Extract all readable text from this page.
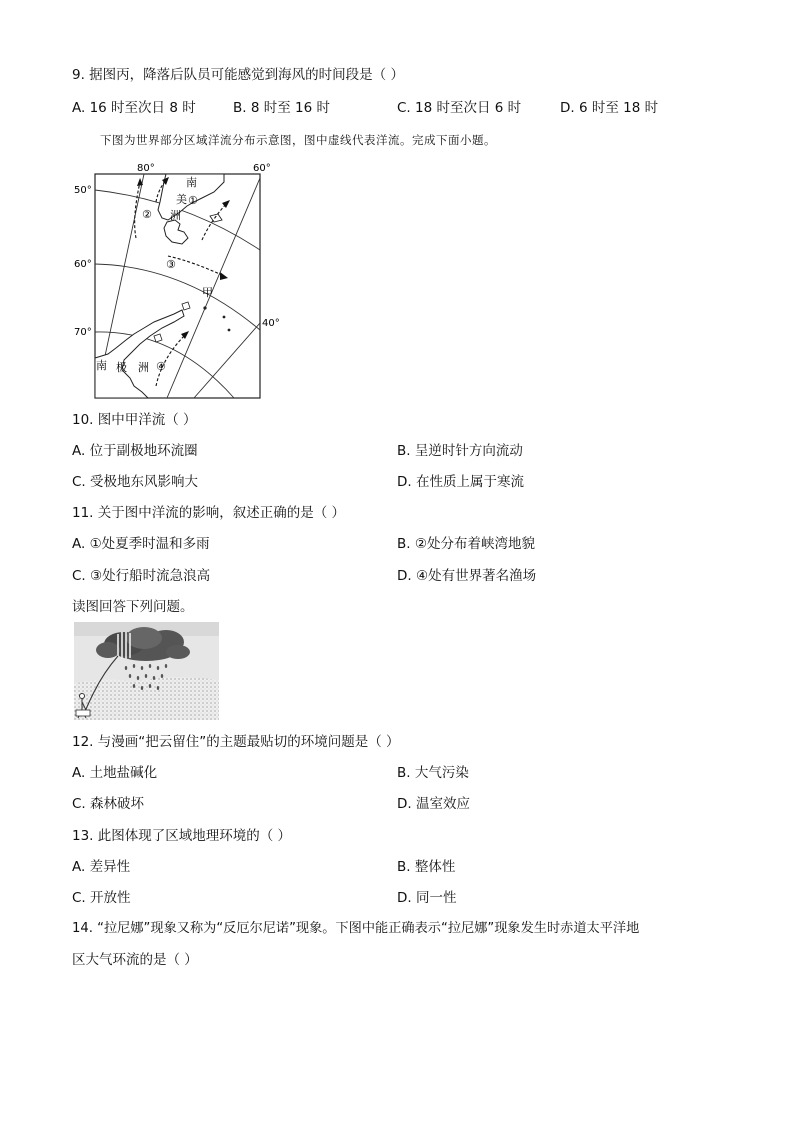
9. 据图丙，降落后队员可能感觉到海风的时间段是（ ）
A. 16 时至次日 8 时	B. 8 时至 16 时	C. 18 时至次日 6 时	D. 6 时至 18 时
下图为世界部分区域洋流分布示意图，图中虚线代表洋流。完成下面小题。
80°	60°
50°
60°
70°
40°
南
美
洲
①
②
③
甲
④
南 极 洲
10. 图中甲洋流（ ）
A. 位于副极地环流圈	B. 呈逆时针方向流动
C. 受极地东风影响大	D. 在性质上属于寒流
11. 关于图中洋流的影响，叙述正确的是（ ）
A. ①处夏季时温和多雨	B. ②处分布着峡湾地貌
C. ③处行船时流急浪高	D. ④处有世界著名渔场
读图回答下列问题。
12. 与漫画“把云留住”的主题最贴切的环境问题是（ ）
A. 土地盐碱化	B. 大气污染
C. 森林破坏	D. 温室效应
13. 此图体现了区域地理环境的（ ）
A. 差异性	B. 整体性
C. 开放性	D. 同一性
14. “拉尼娜”现象又称为“反厄尔尼诺”现象。下图中能正确表示“拉尼娜”现象发生时赤道太平洋地
区大气环流的是（ ）
